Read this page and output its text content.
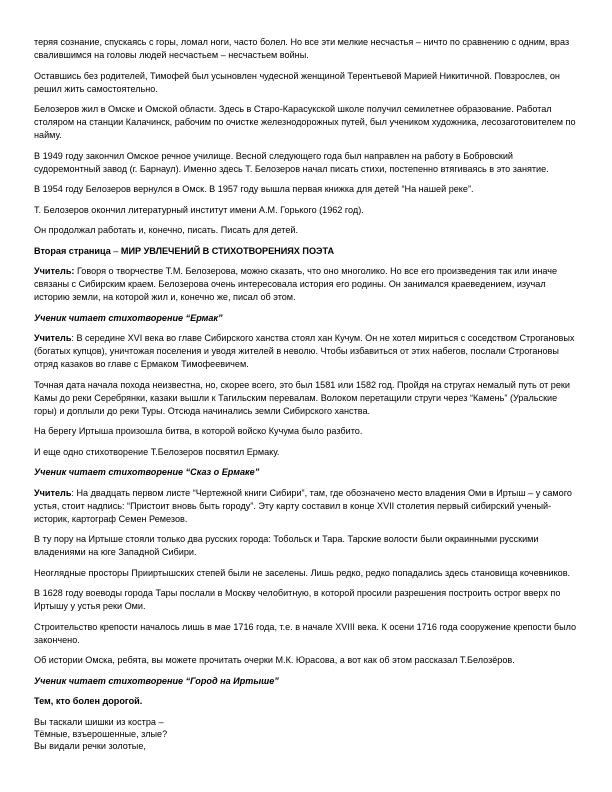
теряя сознание, спускаясь с горы, ломал ноги, часто болел. Но все эти мелкие несчастья – ничто по сравнению с одним, враз свалившимся на головы людей несчастьем – несчастьем войны.

Оставшись без родителей, Тимофей был усыновлен чудесной женщиной Терентьевой Марией Никитичной. Повзрослев, он решил жить самостоятельно.

Белозеров жил в Омске и Омской области. Здесь в Старо-Карасукской школе получил семилетнее образование. Работал столяром на станции Калачинск, рабочим по очистке железнодорожных путей, был учеником художника, лесозаготовителем по найму.

В 1949 году закончил Омское речное училище. Весной следующего года был направлен на работу в Бобровский судоремонтный завод (г. Барнаул). Именно здесь Т. Белозеров начал писать стихи, постепенно втягиваясь в это занятие.

В 1954 году Белозеров вернулся в Омск. В 1957 году вышла первая книжка для детей “На нашей реке”.

Т. Белозеров окончил литературный институт имени А.М. Горького (1962 год).

Он продолжал работать и, конечно, писать. Писать для детей.

Вторая страница – МИР УВЛЕЧЕНИЙ В СТИХОТВОРЕНИЯХ ПОЭТА

Учитель: Говоря о творчестве Т.М. Белозерова, можно сказать, что оно многолико. Но все его произведения так или иначе связаны с Сибирским краем. Белозерова очень интересовала история его родины. Он занимался краеведением, изучал историю земли, на которой жил и, конечно же, писал об этом.

Ученик читает стихотворение “Ермак”

Учитель: В середине XVI века во главе Сибирского ханства стоял хан Кучум. Он не хотел мириться с соседством Строгановых (богатых купцов), уничтожая поселения и уводя жителей в неволю. Чтобы избавиться от этих набегов, послали Строгановы отряд казаков во главе с Ермаком Тимофеевичем.

Точная дата начала похода неизвестна, но, скорее всего, это был 1581 или 1582 год. Пройдя на стругах немалый путь от реки Камы до реки Серебрянки, казаки вышли к Тагильским перевалам. Волоком перетащили струги через “Камень” (Уральские горы) и доплыли до реки Туры. Отсюда начинались земли Сибирского ханства.

На берегу Иртыша произошла битва, в которой войско Кучума было разбито.

И еще одно стихотворение Т.Белозеров посвятил Ермаку.

Ученик читает стихотворение “Сказ о Ермаке”

Учитель: На двадцать первом листе “Чертежной книги Сибири”, там, где обозначено место владения Оми в Иртыш – у самого устья, стоит надпись: “Пристоит вновь быть городу”. Эту карту составил в конце XVII столетия первый сибирский ученый-историк, картограф Семен Ремезов.

В ту пору на Иртыше стояли только два русских города: Тобольск и Тара. Тарские волости были окраинными русскими владениями на юге Западной Сибири.

Неоглядные просторы Прииртышских степей были не заселены. Лишь редко, редко попадались здесь становища кочевников.

В 1628 году воеводы города Тары послали в Москву челобитную, в которой просили разрешения построить острог вверх по Иртышу у устья реки Оми.

Строительство крепости началось лишь в мае 1716 года, т.е. в начале XVIII века. К осени 1716 года сооружение крепости было закончено.

Об истории Омска, ребята, вы можете прочитать очерки М.К. Юрасова, а вот как об этом рассказал Т.Белозёров.

Ученик читает стихотворение “Город на Иртыше”

Тем, кто болен дорогой.

Вы таскали шишки из костра –

Тёмные, взъерошенные, злые?

Вы видали речки золотые,
